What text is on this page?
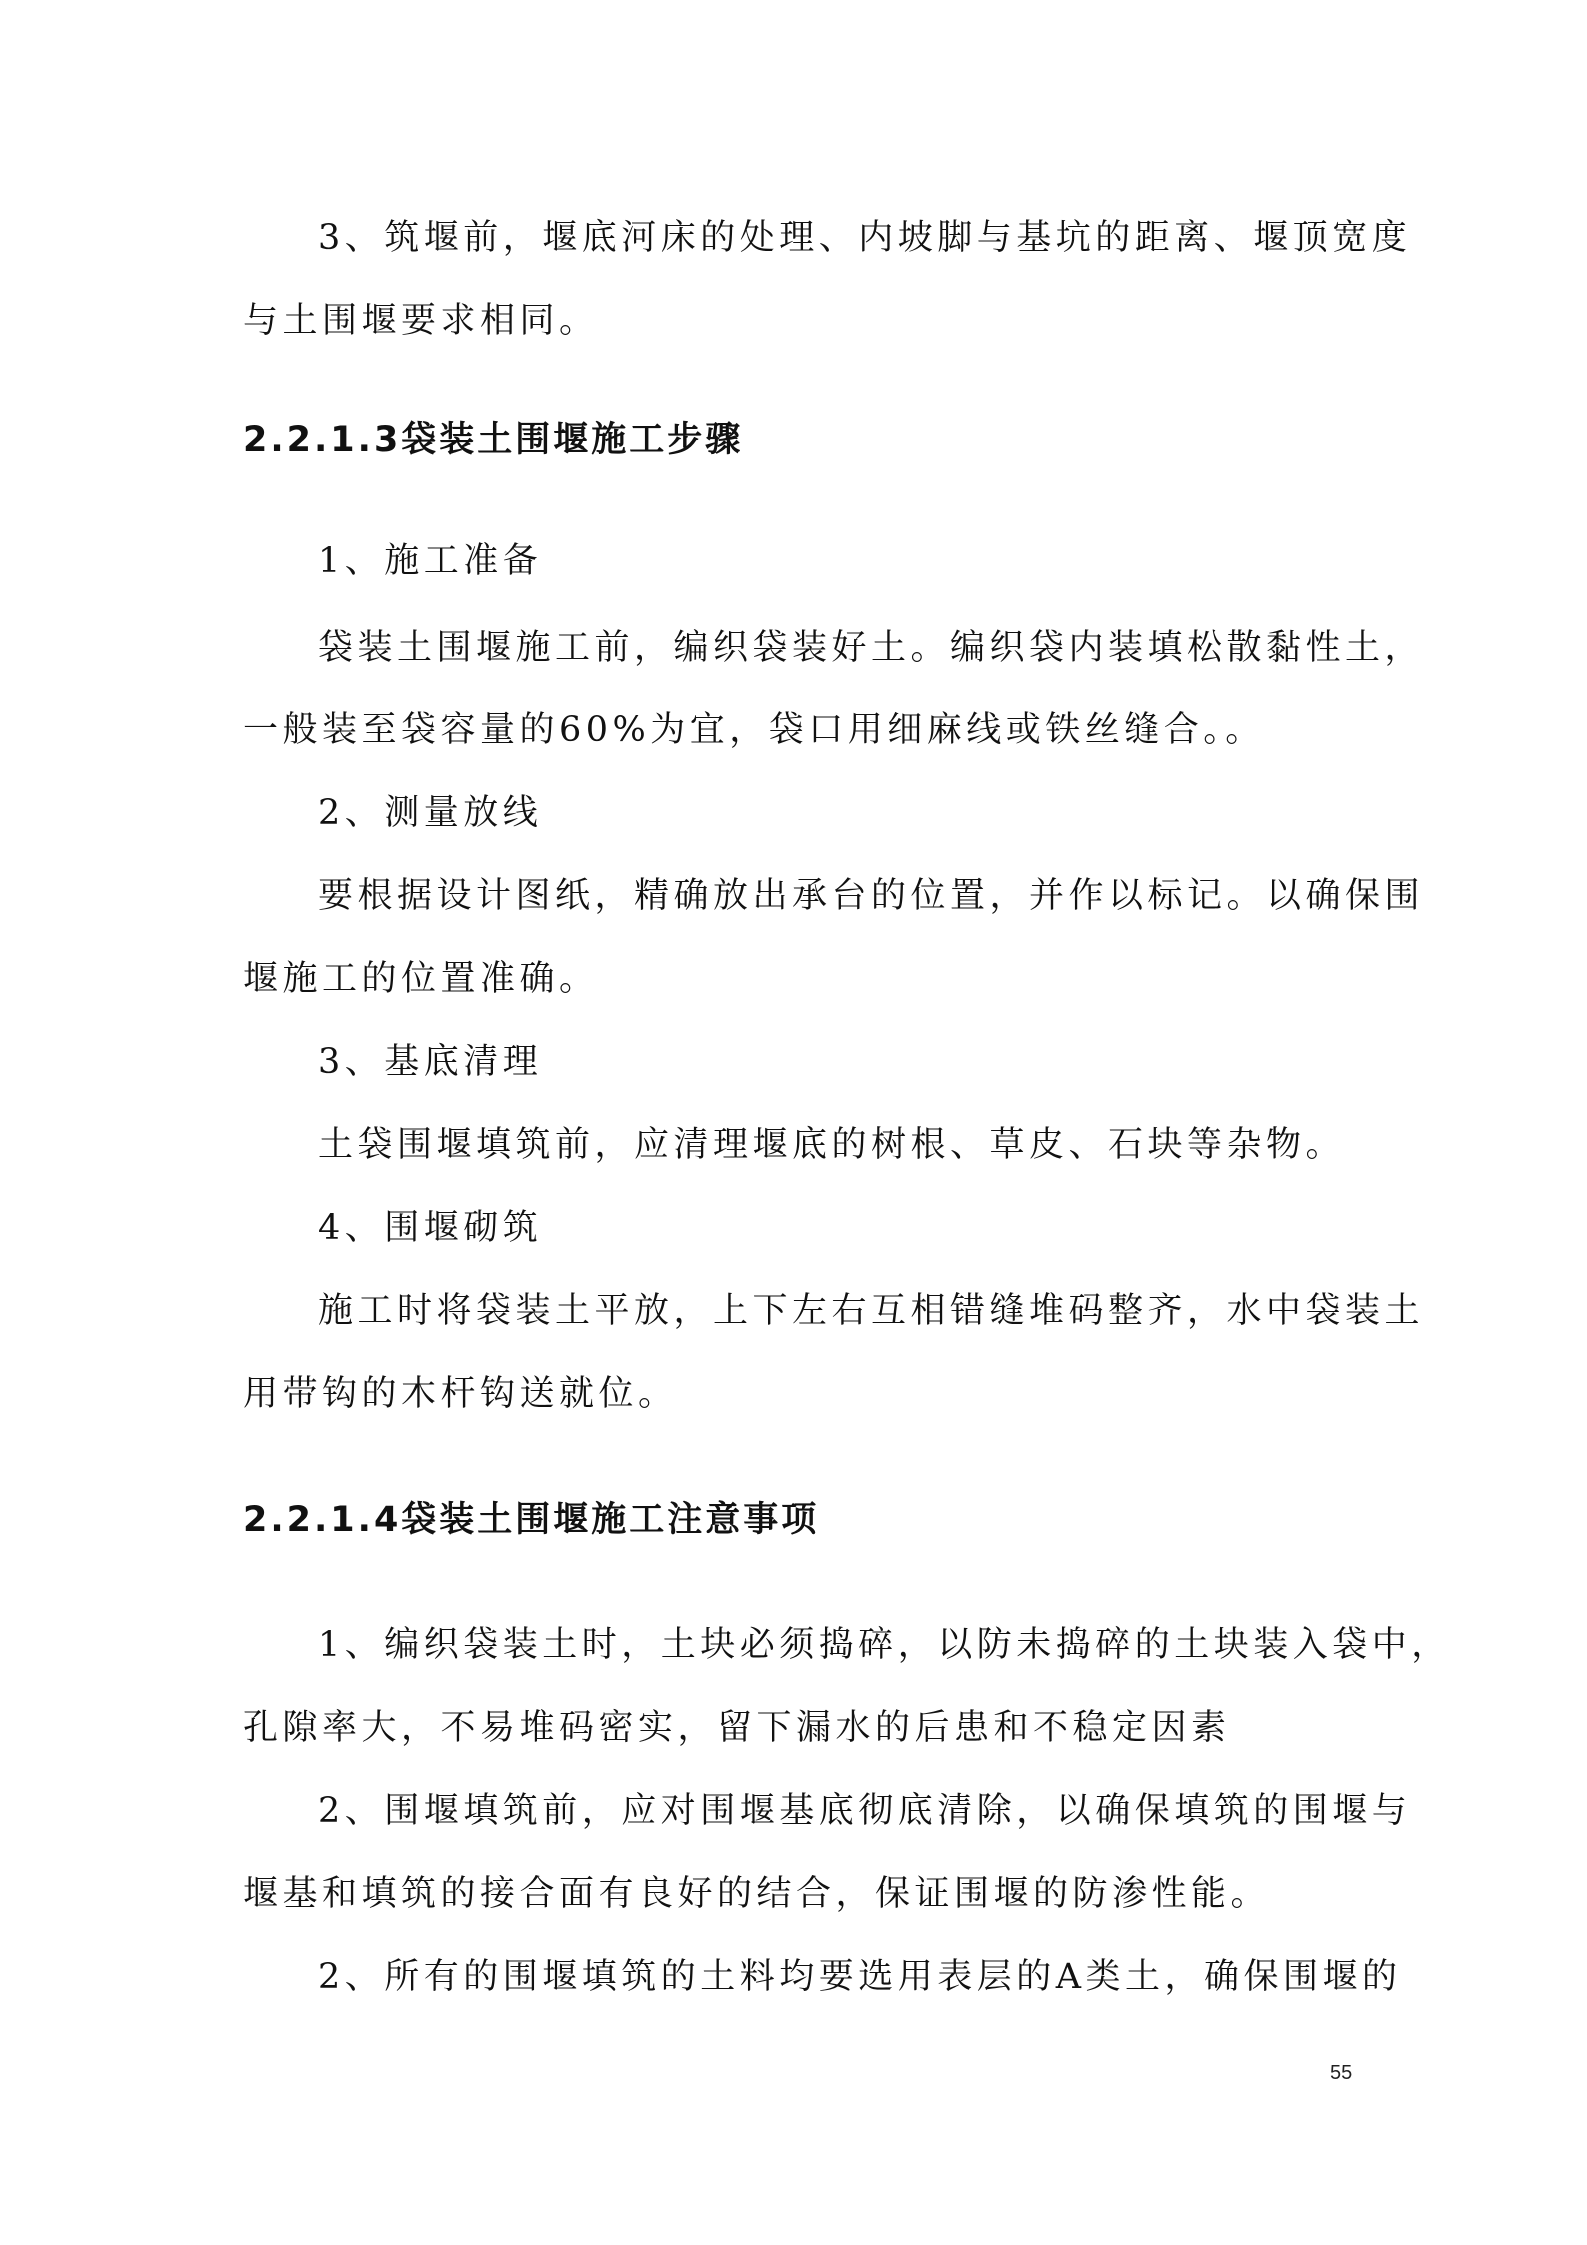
3、筑堰前，堰底河床的处理、内坡脚与基坑的距离、堰顶宽度
与土围堰要求相同。
2.2.1.3袋装土围堰施工步骤
1、施工准备
袋装土围堰施工前，编织袋装好土。编织袋内装填松散黏性土，
一般装至袋容量的60%为宜，袋口用细麻线或铁丝缝合。。
2、测量放线
要根据设计图纸，精确放出承台的位置，并作以标记。以确保围
堰施工的位置准确。
3、基底清理
土袋围堰填筑前，应清理堰底的树根、草皮、石块等杂物。
4、围堰砌筑
施工时将袋装土平放，上下左右互相错缝堆码整齐，水中袋装土
用带钩的木杆钩送就位。
2.2.1.4袋装土围堰施工注意事项
1、编织袋装土时，土块必须捣碎，以防未捣碎的土块装入袋中，
孔隙率大，不易堆码密实，留下漏水的后患和不稳定因素
2、围堰填筑前，应对围堰基底彻底清除，以确保填筑的围堰与
堰基和填筑的接合面有良好的结合，保证围堰的防渗性能。
2、所有的围堰填筑的土料均要选用表层的A类土，确保围堰的
55
